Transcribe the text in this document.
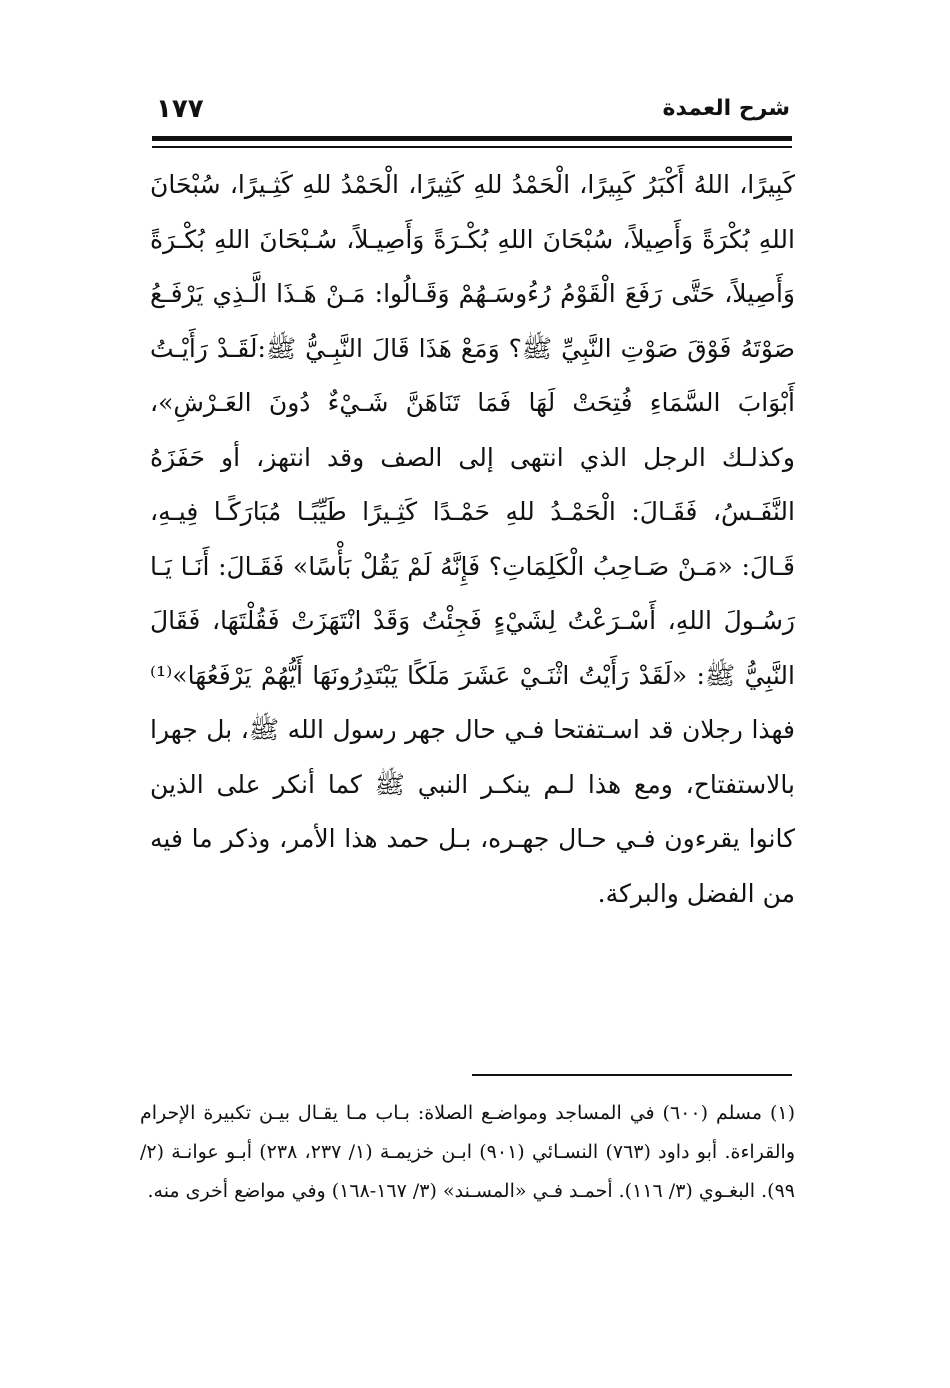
شرح العمدة
١٧٧

كَبِيرًا، اللهُ أَكْبَرُ كَبِيرًا، الْحَمْدُ للهِ كَثِيرًا، الْحَمْدُ للهِ كَثِـيرًا، سُبْحَانَ اللهِ بُكْرَةً وَأَصِيلاً، سُبْحَانَ اللهِ بُكْـرَةً وَأَصِيـلاً، سُـبْحَانَ اللهِ بُكْـرَةً وَأَصِيلاً، حَتَّى رَفَعَ الْقَوْمُ رُءُوسَـهُمْ وَقَـالُوا: مَـنْ هَـذَا الَّـذِي يَرْفَـعُ صَوْتَهُ فَوْقَ صَوْتِ النَّبِيِّ ﷺ؟ وَمَعْ هَذَا قَالَ النَّبِـيُّ ﷺ:لَقَـدْ رَأَيْـتُ أَبْوَابَ السَّمَاءِ فُتِحَتْ لَهَا فَمَا تَنَاهَنَّ شَـيْءٌ دُونَ العَـرْشِ»، وكذلـك الرجل الذي انتهى إلى الصف وقد انتهز، أو حَفَزَهُ النَّفَـسُ، فَقَـالَ: الْحَمْـدُ للهِ حَمْـدًا كَثِـيرًا طَيِّبًـا مُبَارَكًـا فِيـهِ، قَـالَ: «مَـنْ صَـاحِبُ الْكَلِمَاتِ؟ فَإِنَّهُ لَمْ يَقُلْ بَأْسًا» فَقَـالَ: أَنَـا يَـا رَسُـولَ اللهِ، أَسْـرَعْتُ لِشَيْءٍ فَجِئْتُ وَقَدْ انْتَهَزَتْ فَقُلْتَهَا، فَقَالَ النَّبِيُّ ﷺ: «لَقَدْ رَأَيْتُ اثْنَـيْ عَشَرَ مَلَكًا يَبْتَدِرُونَهَا أَيُّهُمْ يَرْفَعُهَا»⁽¹⁾ فهذا رجلان قد اسـتفتحا فـي حال جهر رسول الله ﷺ، بل جهرا بالاستفتاح، ومع هذا لـم ينكـر النبي ﷺ كما أنكر على الذين كانوا يقرءون فـي حـال جهـره، بـل حمد هذا الأمر، وذكر ما فيه من الفضل والبركة.

(١) مسلم (٦٠٠) في المساجد ومواضـع الصلاة: بـاب مـا يقـال بيـن تكبيرة الإحرام والقراءة. أبو داود (٧٦٣) النسـائي (٩٠١) ابـن خزيمـة (١/ ٢٣٧، ٢٣٨) أبـو عوانـة (٢/ ٩٩). البغـوي (٣/ ١١٦). أحمـد فـي «المسـند» (٣/ ١٦٧-١٦٨) وفي مواضع أخرى منه.
